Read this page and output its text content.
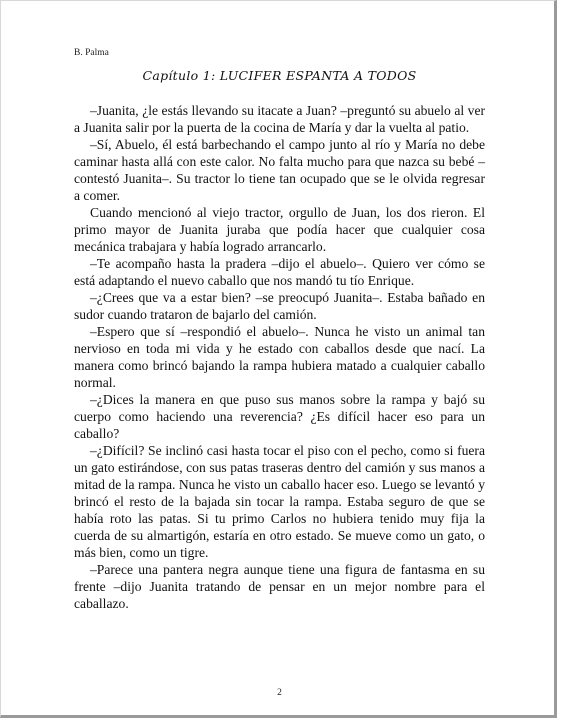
B. Palma
Capítulo 1: LUCIFER ESPANTA A TODOS

–Juanita, ¿le estás llevando su itacate a Juan? –preguntó su abuelo al ver a Juanita salir por la puerta de la cocina de María y dar la vuelta al patio.

–Sí, Abuelo, él está barbechando el campo junto al río y María no debe caminar hasta allá con este calor. No falta mucho para que nazca su bebé –contestó Juanita–. Su tractor lo tiene tan ocupado que se le olvida regresar a comer.

Cuando mencionó al viejo tractor, orgullo de Juan, los dos rieron. El primo mayor de Juanita juraba que podía hacer que cualquier cosa mecánica trabajara y había logrado arrancarlo.

–Te acompaño hasta la pradera –dijo el abuelo–. Quiero ver cómo se está adaptando el nuevo caballo que nos mandó tu tío Enrique.

–¿Crees que va a estar bien? –se preocupó Juanita–. Estaba bañado en sudor cuando trataron de bajarlo del camión.

–Espero que sí –respondió el abuelo–. Nunca he visto un animal tan nervioso en toda mi vida y he estado con caballos desde que nací. La manera como brincó bajando la rampa hubiera matado a cualquier caballo normal.

–¿Dices la manera en que puso sus manos sobre la rampa y bajó su cuerpo como haciendo una reverencia? ¿Es difícil hacer eso para un caballo?

–¿Difícil? Se inclinó casi hasta tocar el piso con el pecho, como si fuera un gato estirándose, con sus patas traseras dentro del camión y sus manos a mitad de la rampa. Nunca he visto un caballo hacer eso. Luego se levantó y brincó el resto de la bajada sin tocar la rampa. Estaba seguro de que se había roto las patas. Si tu primo Carlos no hubiera tenido muy fija la cuerda de su almartigón, estaría en otro estado. Se mueve como un gato, o más bien, como un tigre.

–Parece una pantera negra aunque tiene una figura de fantasma en su frente –dijo Juanita tratando de pensar en un mejor nombre para el caballazo.

2
